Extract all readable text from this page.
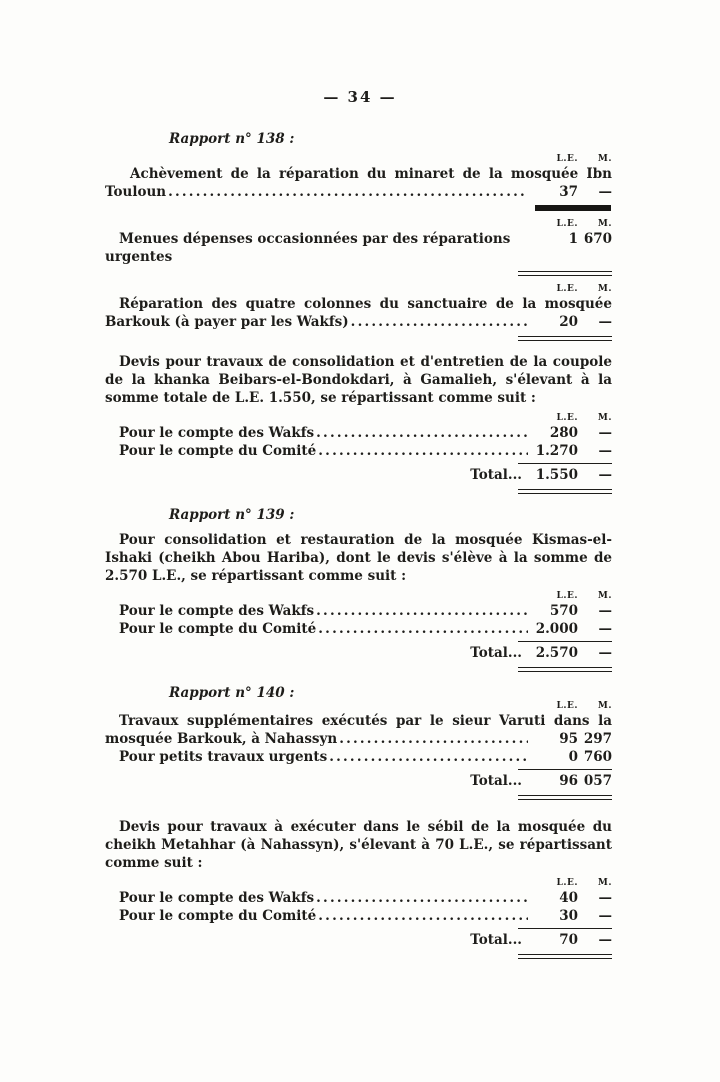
— 34 —
Rapport n° 138 :
L.E.	M.
Achèvement de la réparation du minaret de la mosquée Ibn
Touloun .....	37	—
L.E.	M.
Menues dépenses occasionnées par des réparations urgentes
1 670
L.E.	M.
Réparation des quatre colonnes du sanctuaire de la mosquée
Barkouk (à payer par les Wakfs) .....	20	—
Devis pour travaux de consolidation et d'entretien de la coupole
de la khanka Beibars-el-Bondokdari, à Gamalieh, s'élevant à la
somme totale de L.E. 1.550, se répartissant comme suit :
L.E.	M.
Pour le compte des Wakfs .....	280	—
Pour le compte du Comité .....	1.270	—
Total...	1.550	—
Rapport n° 139 :
Pour consolidation et restauration de la mosquée Kismas-el-
Ishaki (cheikh Abou Hariba), dont le devis s'élève à la somme de
2.570 L.E., se répartissant comme suit :
L.E.	M.
Pour le compte des Wakfs .....	570	—
Pour le compte du Comité .....	2.000	—
Total...	2.570	—
Rapport n° 140 :
L.E.	M.
Travaux supplémentaires exécutés par le sieur Varuti dans la
mosquée Barkouk, à Nahassyn .....	95 297
Pour petits travaux urgents .....	0 760
Total...	96 057
Devis pour travaux à exécuter dans le sébil de la mosquée du
cheikh Metahhar (à Nahassyn), s'élevant à 70 L.E., se répartissant
comme suit :
L.E.	M.
Pour le compte des Wakfs .....	40	—
Pour le compte du Comité .....	30	—
Total...	70	—
